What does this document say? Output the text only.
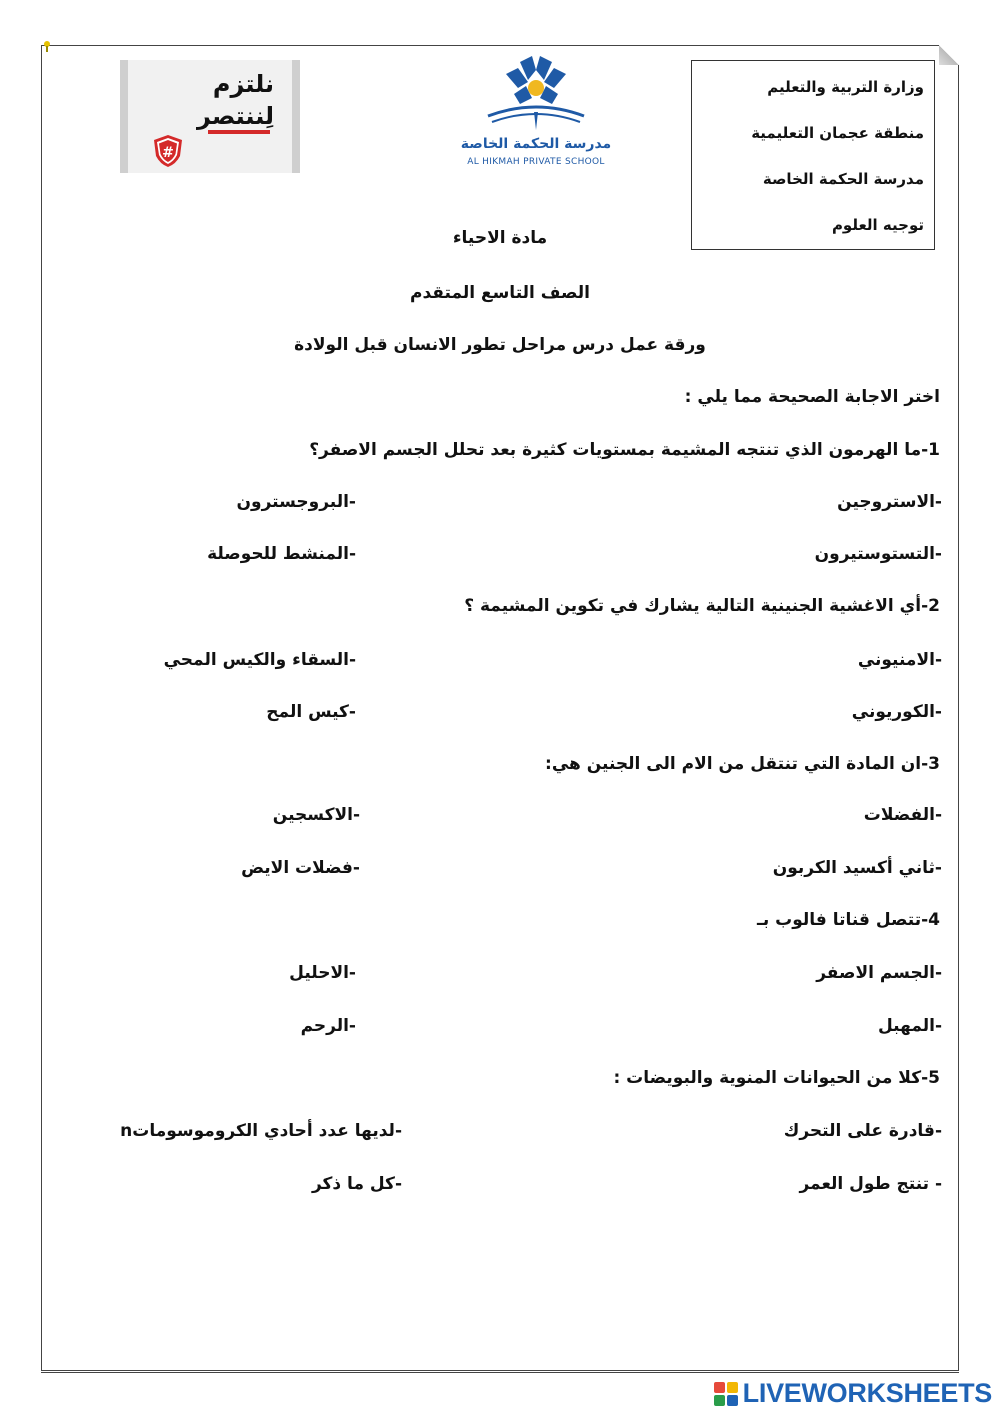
نلتزم
لِننتصر
#
مدرسة الحكمة الخاصة
AL HIKMAH PRIVATE SCHOOL
وزارة التربية والتعليم
منطقة عجمان التعليمية
مدرسة الحكمة الخاصة
توجيه العلوم
مادة الاحياء
الصف التاسع المتقدم
ورقة عمل درس مراحل تطور الانسان قبل الولادة
اختر الاجابة الصحيحة مما يلي :
1-ما الهرمون الذي تنتجه المشيمة بمستويات كثيرة بعد تحلل الجسم الاصفر؟
-الاستروجين
-البروجسترون
-التستوستيرون
-المنشط للحوصلة
2-أي الاغشية الجنينية التالية يشارك في تكوين المشيمة ؟
-الامنيوني
-السقاء والكيس المحي
-الكوريوني
-كيس المح
3-ان المادة التي تنتقل من الام الى الجنين هي:
-الفضلات
-الاكسجين
-ثاني أكسيد الكربون
-فضلات الايض
4-تتصل قناتا فالوب بـ
-الجسم الاصفر
-الاحليل
-المهبل
-الرحم
5-كلا من الحيوانات المنوية والبويضات :
-قادرة على التحرك
-لديها عدد أحادي الكروموسوماتn
- تنتج طول العمر
-كل ما ذكر
LIVEWORKSHEETS
